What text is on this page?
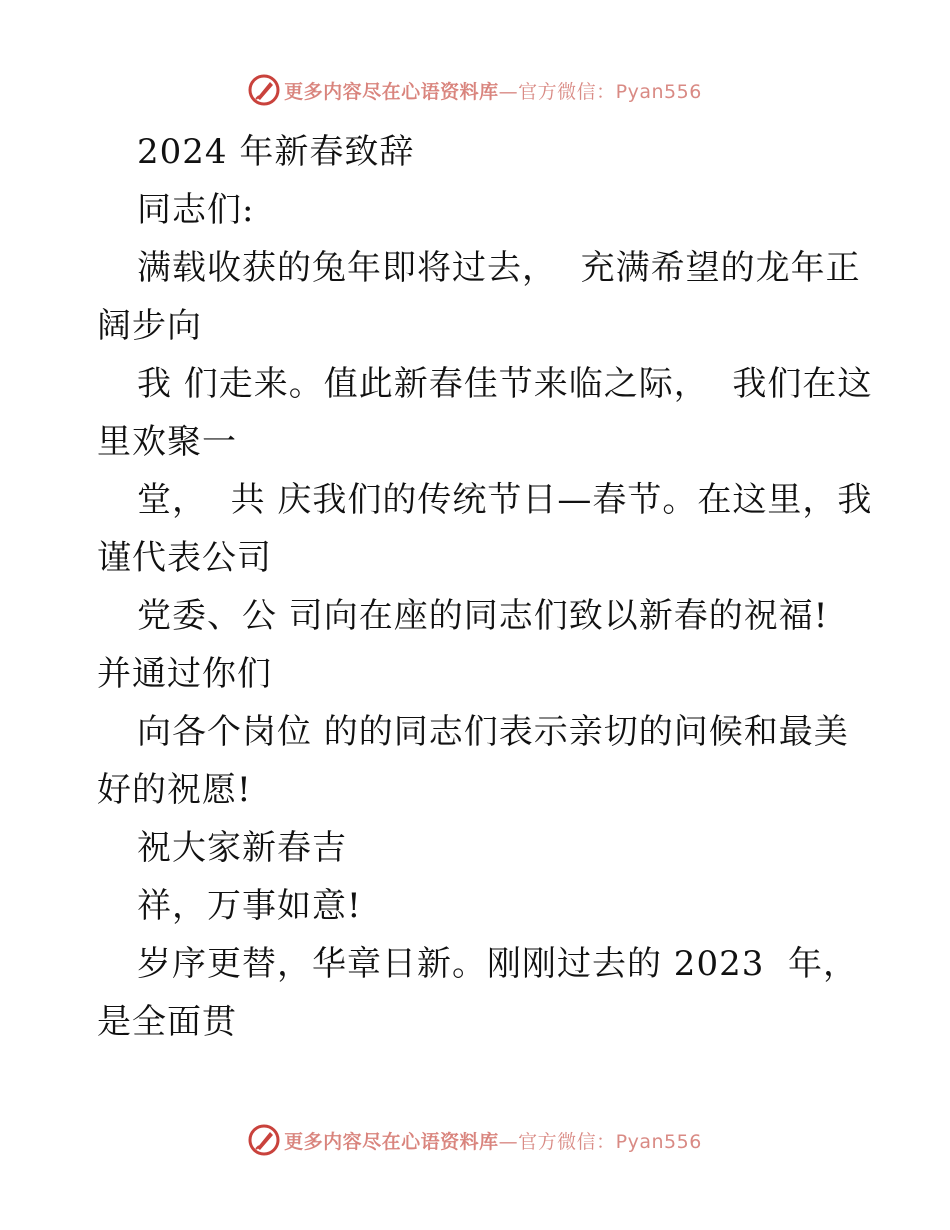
更多内容尽在心语资料库—官方微信：Pyan556
2024 年新春致辞
同志们:
满载收获的兔年即将过去，  充满希望的龙年正
阔步向
我 们走来。值此新春佳节来临之际，  我们在这
里欢聚一
堂，  共 庆我们的传统节日—春节。在这里，我
谨代表公司
党委、公 司向在座的同志们致以新春的祝福!
并通过你们
向各个岗位 的的同志们表示亲切的问候和最美
好的祝愿!
祝大家新春吉
祥，万事如意!
岁序更替，华章日新。刚刚过去的 2023  年，
是全面贯
更多内容尽在心语资料库—官方微信：Pyan556
